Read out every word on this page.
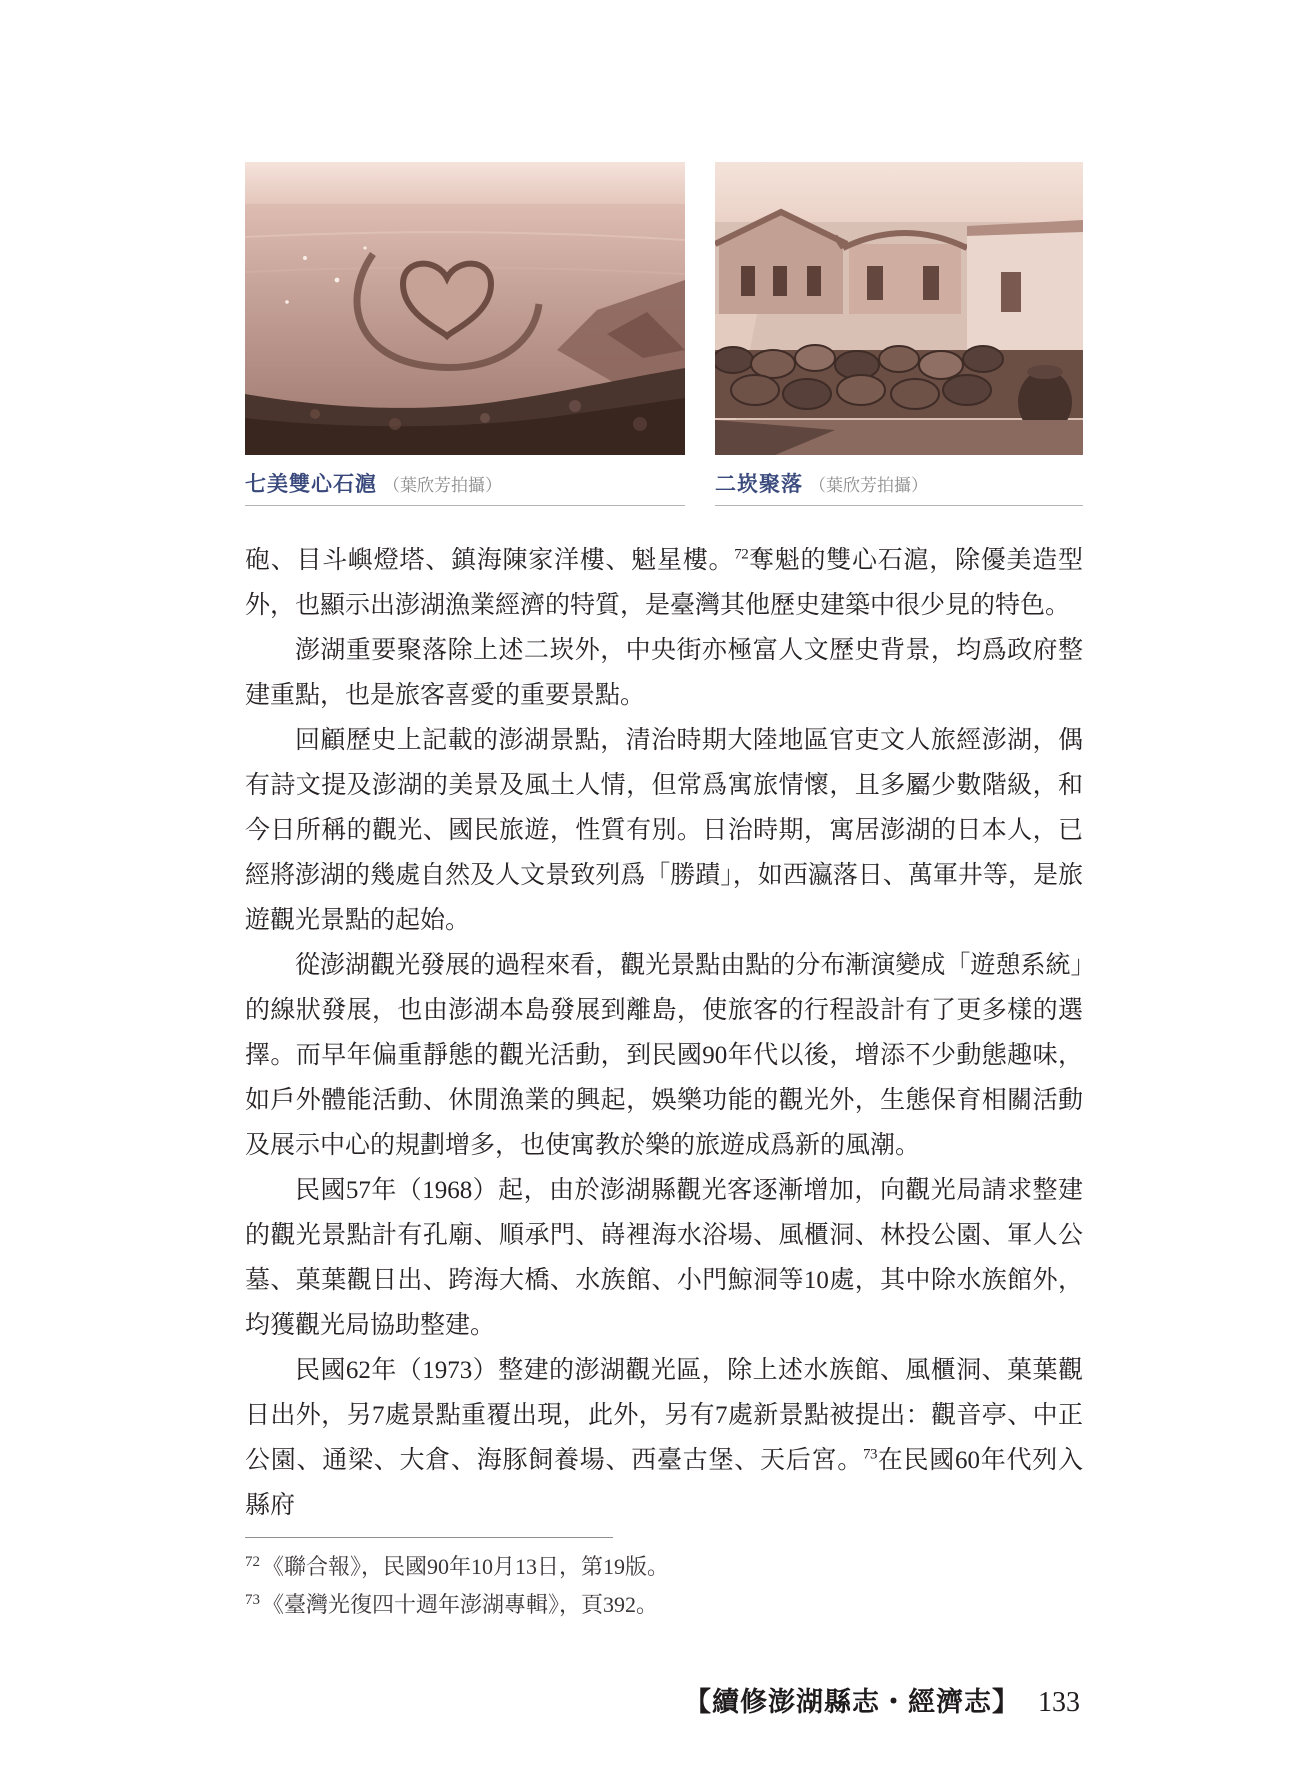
七美雙心石滬 （葉欣芳拍攝）	二崁聚落 （葉欣芳拍攝）

砲、目斗嶼燈塔、鎮海陳家洋樓、魁星樓。$^{72}$奪魁的雙心石滬，除優美造型外，也顯示出澎湖漁業經濟的特質，是臺灣其他歷史建築中很少見的特色。

澎湖重要聚落除上述二崁外，中央街亦極富人文歷史背景，均爲政府整建重點，也是旅客喜愛的重要景點。

回顧歷史上記載的澎湖景點，清治時期大陸地區官吏文人旅經澎湖，偶有詩文提及澎湖的美景及風土人情，但常爲寓旅情懷，且多屬少數階級，和今日所稱的觀光、國民旅遊，性質有別。日治時期，寓居澎湖的日本人，已經將澎湖的幾處自然及人文景致列爲「勝蹟」，如西瀛落日、萬軍井等，是旅遊觀光景點的起始。

從澎湖觀光發展的過程來看，觀光景點由點的分布漸演變成「遊憩系統」的線狀發展，也由澎湖本島發展到離島，使旅客的行程設計有了更多樣的選擇。而早年偏重靜態的觀光活動，到民國90年代以後，增添不少動態趣味，如戶外體能活動、休閒漁業的興起，娛樂功能的觀光外，生態保育相關活動及展示中心的規劃增多，也使寓教於樂的旅遊成爲新的風潮。

民國57年（1968）起，由於澎湖縣觀光客逐漸增加，向觀光局請求整建的觀光景點計有孔廟、順承門、嵵裡海水浴場、風櫃洞、林投公園、軍人公墓、菓葉觀日出、跨海大橋、水族館、小門鯨洞等10處，其中除水族館外，均獲觀光局協助整建。

民國62年（1973）整建的澎湖觀光區，除上述水族館、風櫃洞、菓葉觀日出外，另7處景點重覆出現，此外，另有7處新景點被提出：觀音亭、中正公園、通梁、大倉、海豚飼養場、西臺古堡、天后宮。$^{73}$在民國60年代列入縣府

$^{72}$《聯合報》，民國90年10月13日，第19版。
$^{73}$《臺灣光復四十週年澎湖專輯》，頁392。
【續修澎湖縣志・經濟志】 133
